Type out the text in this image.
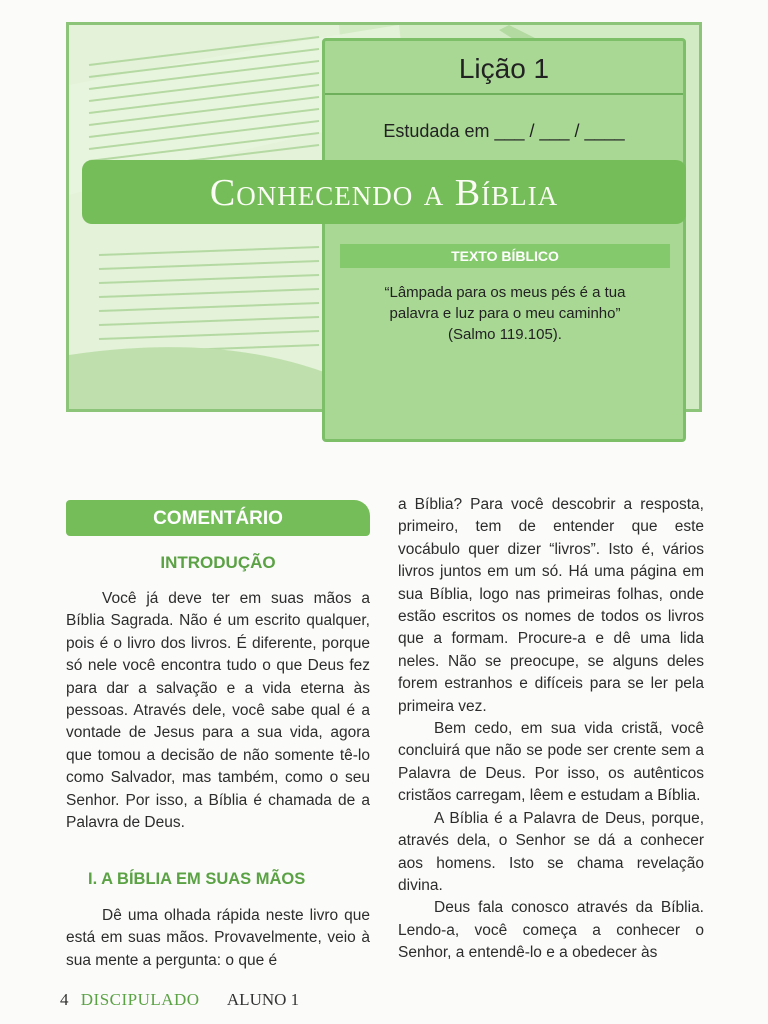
Lição 1
Estudada em ___ / ___ / ____
Conhecendo a Bíblia
TEXTO BÍBLICO
“Lâmpada para os meus pés é a tua
palavra e luz para o meu caminho”
(Salmo 119.105).
COMENTÁRIO
INTRODUÇÃO

Você já deve ter em suas mãos a Bíblia Sagrada. Não é um escrito qualquer, pois é o livro dos livros. É diferente, porque só nele você encontra tudo o que Deus fez para dar a salvação e a vida eterna às pessoas. Através dele, você sabe qual é a vontade de Jesus para a sua vida, agora que tomou a decisão de não somente tê-lo como Salvador, mas também, como o seu Senhor. Por isso, a Bíblia é chamada de a Palavra de Deus.

I. A BÍBLIA EM SUAS MÃOS

Dê uma olhada rápida neste livro que está em suas mãos. Provavelmente, veio à sua mente a pergunta: o que é

a Bíblia? Para você descobrir a resposta, primeiro, tem de entender que este vocábulo quer dizer “livros”. Isto é, vários livros juntos em um só. Há uma página em sua Bíblia, logo nas primeiras folhas, onde estão escritos os nomes de todos os livros que a formam. Procure-a e dê uma lida neles. Não se preocupe, se alguns deles forem estranhos e difíceis para se ler pela primeira vez.

Bem cedo, em sua vida cristã, você concluirá que não se pode ser crente sem a Palavra de Deus. Por isso, os autênticos cristãos carregam, lêem e estudam a Bíblia.

A Bíblia é a Palavra de Deus, porque, através dela, o Senhor se dá a conhecer aos homens. Isto se chama revelação divina.

Deus fala conosco através da Bíblia. Lendo-a, você começa a conhecer o Senhor, a entendê-lo e a obedecer às

4 DISCIPULADO ALUNO 1
